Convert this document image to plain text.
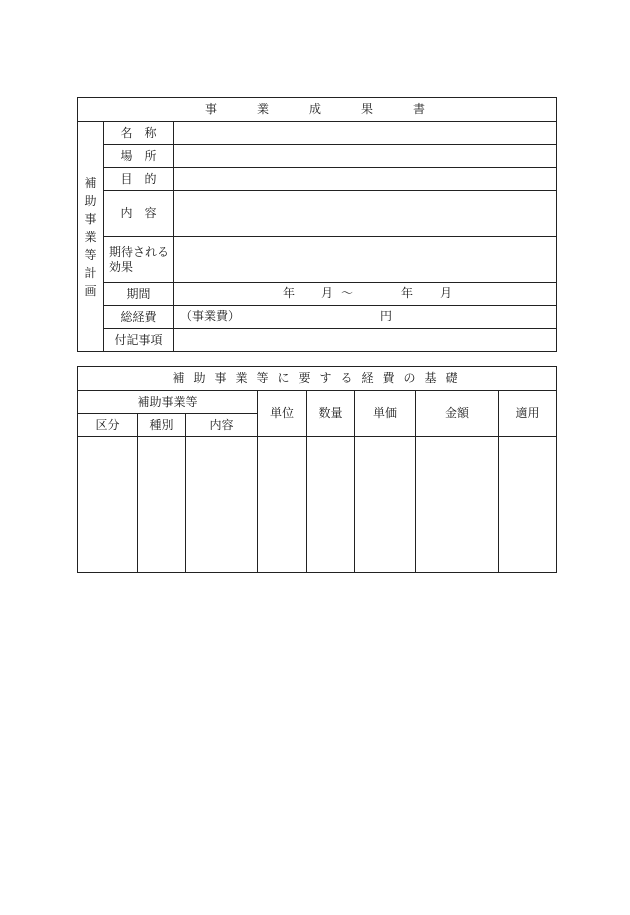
事　業　成　果　書		
補助事業等計画	名　称	
	場　所	
	目　的	
	内　容	
	期待される効果	
	期間	年 月 ～ 年 月

	総経費	（事業費） 円

	付記事項	
補助事業等に要する経費の基礎							
補助事業等			単位	数量	単価	金額	適用
区分	種別	内容					
